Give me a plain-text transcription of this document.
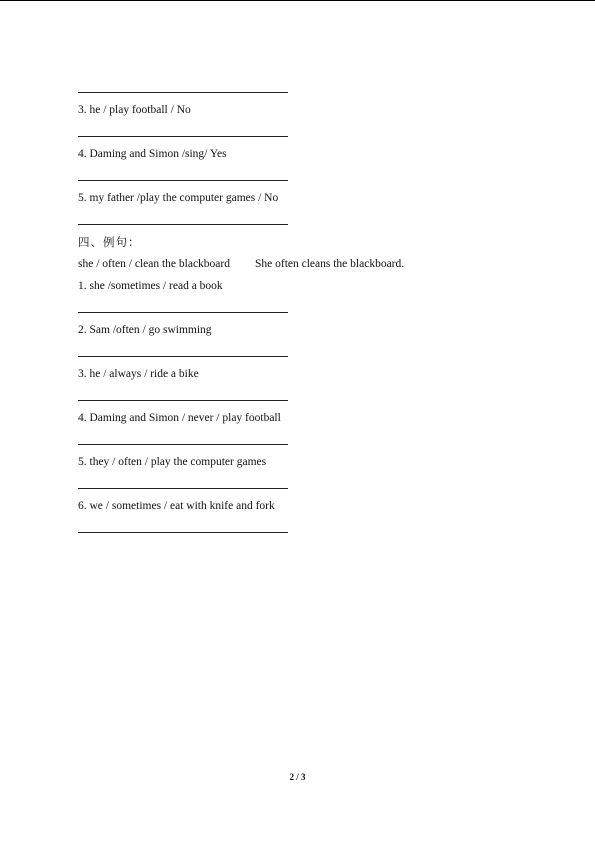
3. he / play football / No
4. Daming and Simon /sing/ Yes
5. my father /play the computer games / No
四、例句：
she / often / clean the blackboard She often cleans the blackboard.
1. she /sometimes / read a book
2. Sam /often / go swimming
3. he / always / ride a bike
4. Daming and Simon / never / play football
5. they / often / play the computer games
6. we / sometimes / eat with knife and fork
2 / 3
